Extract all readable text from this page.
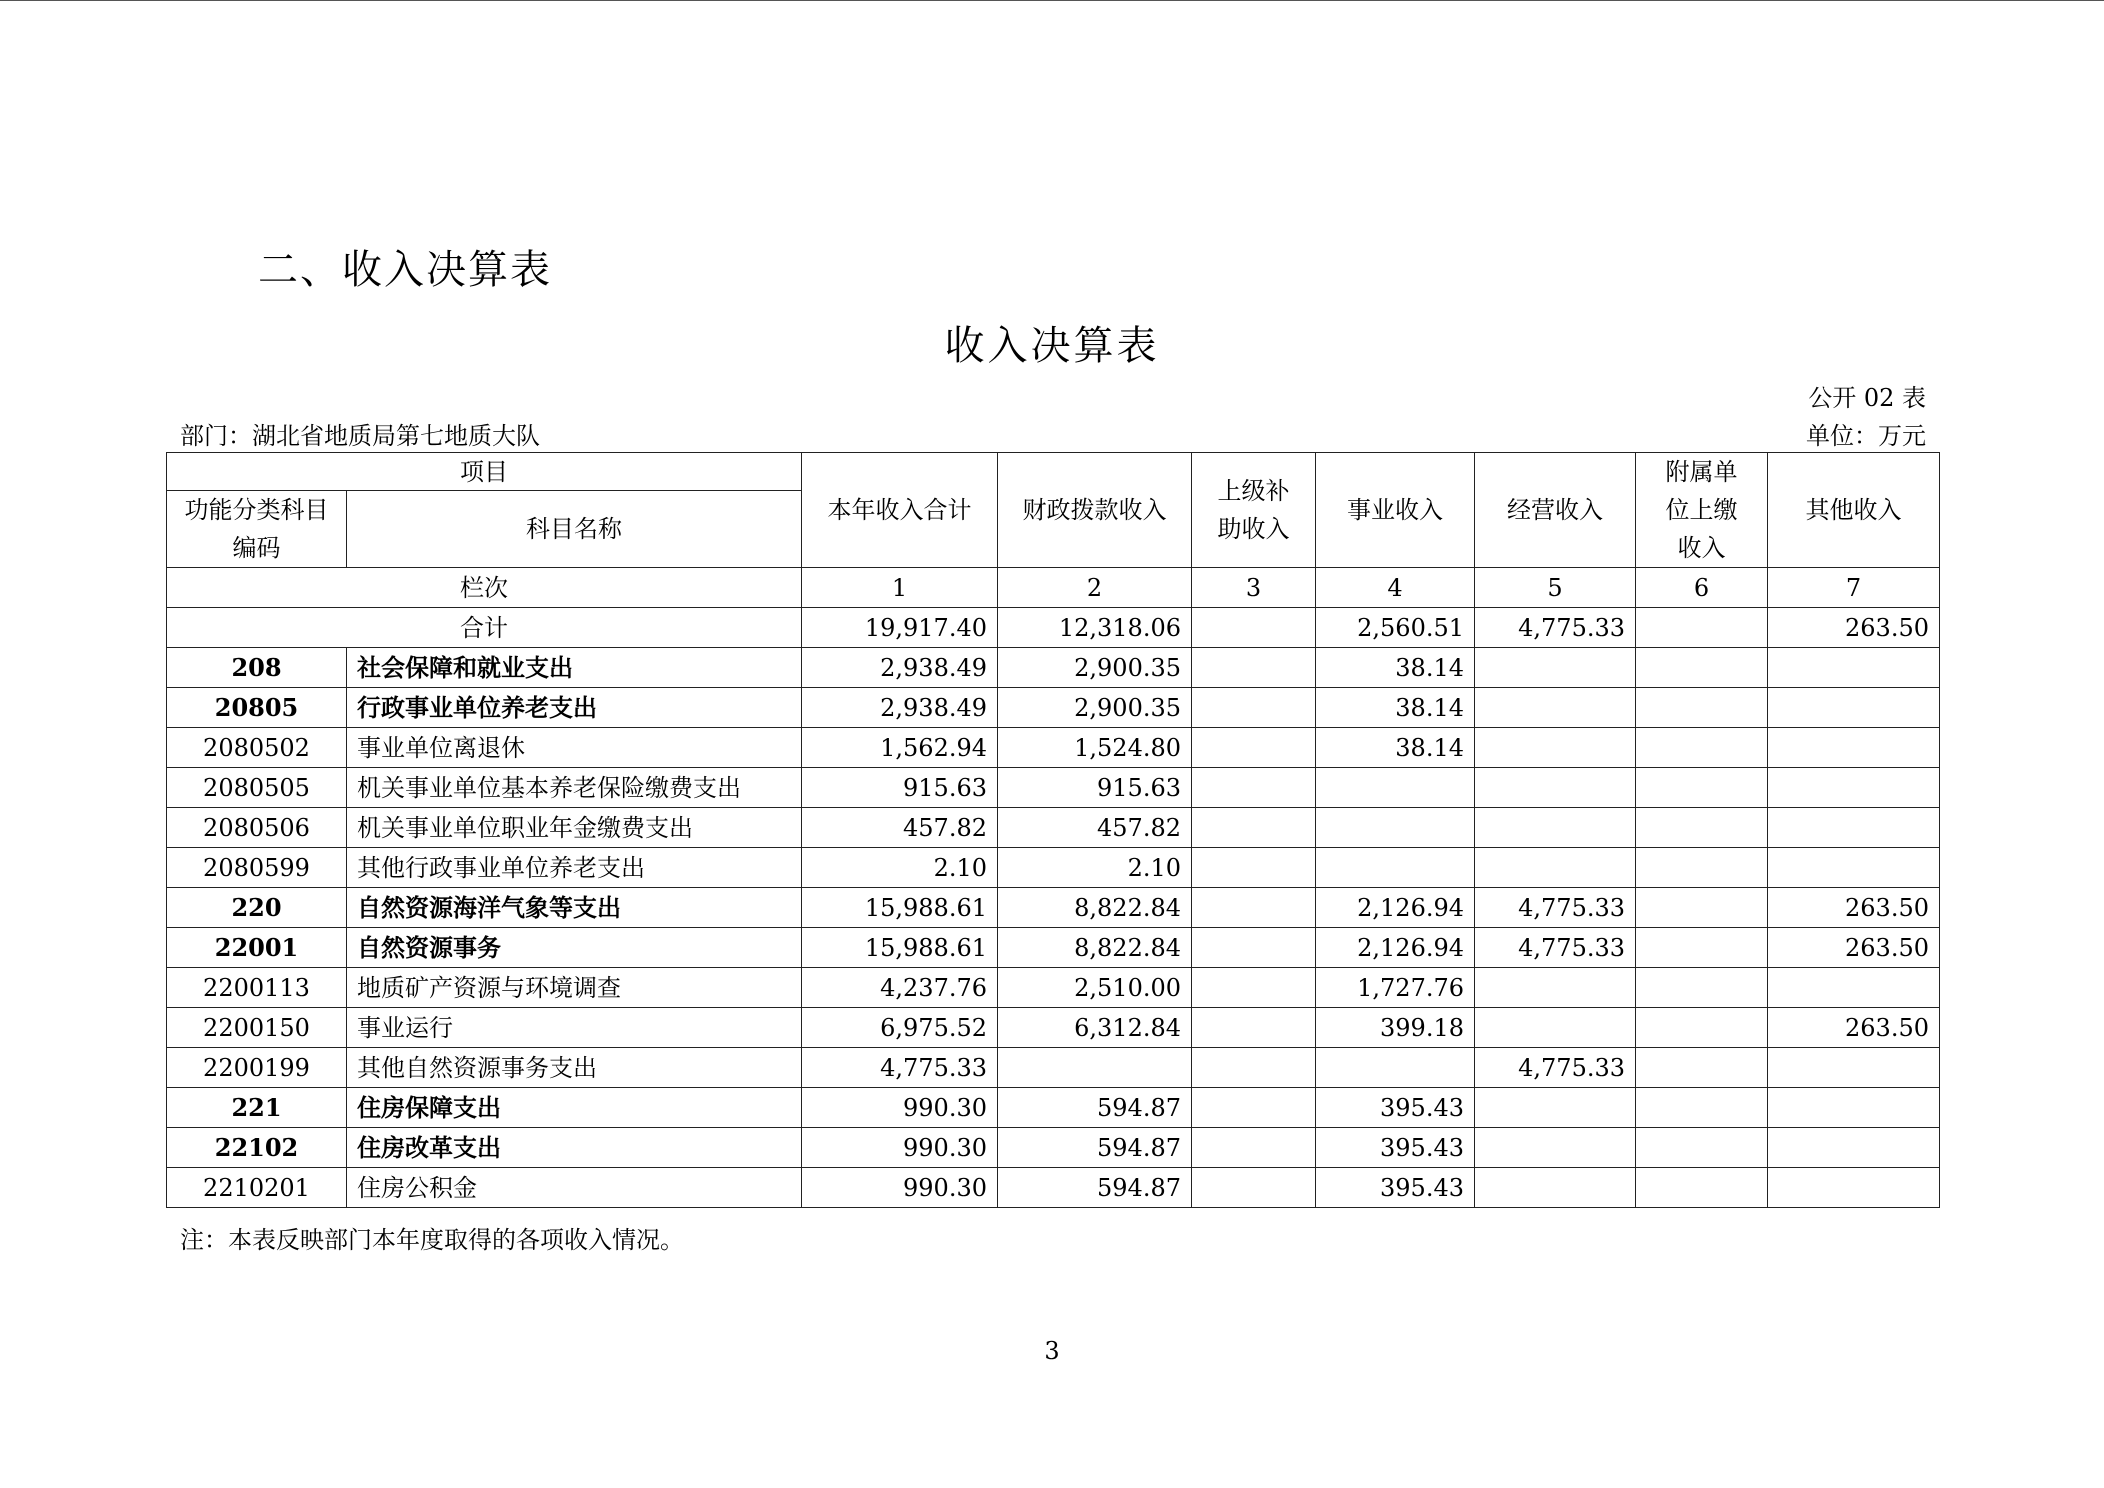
二、收入决算表
收入决算表
公开 02 表
部门：湖北省地质局第七地质大队	单位：万元
项目		本年收入合计	财政拨款收入	上级补助收入	事业收入	经营收入	附属单位上缴收入	其他收入
功能分类科目编码	科目名称							
栏次		1	2	3	4	5	6	7
合计		19,917.40	12,318.06		2,560.51	4,775.33		263.50
208	社会保障和就业支出	2,938.49	2,900.35		38.14			
20805	行政事业单位养老支出	2,938.49	2,900.35		38.14			
2080502	事业单位离退休	1,562.94	1,524.80		38.14			
2080505	机关事业单位基本养老保险缴费支出	915.63	915.63					
2080506	机关事业单位职业年金缴费支出	457.82	457.82					
2080599	其他行政事业单位养老支出	2.10	2.10					
220	自然资源海洋气象等支出	15,988.61	8,822.84		2,126.94	4,775.33		263.50
22001	自然资源事务	15,988.61	8,822.84		2,126.94	4,775.33		263.50
2200113	地质矿产资源与环境调查	4,237.76	2,510.00		1,727.76			
2200150	事业运行	6,975.52	6,312.84		399.18			263.50
2200199	其他自然资源事务支出	4,775.33				4,775.33		
221	住房保障支出	990.30	594.87		395.43			
22102	住房改革支出	990.30	594.87		395.43			
2210201	住房公积金	990.30	594.87		395.43			
注：本表反映部门本年度取得的各项收入情况。
3
